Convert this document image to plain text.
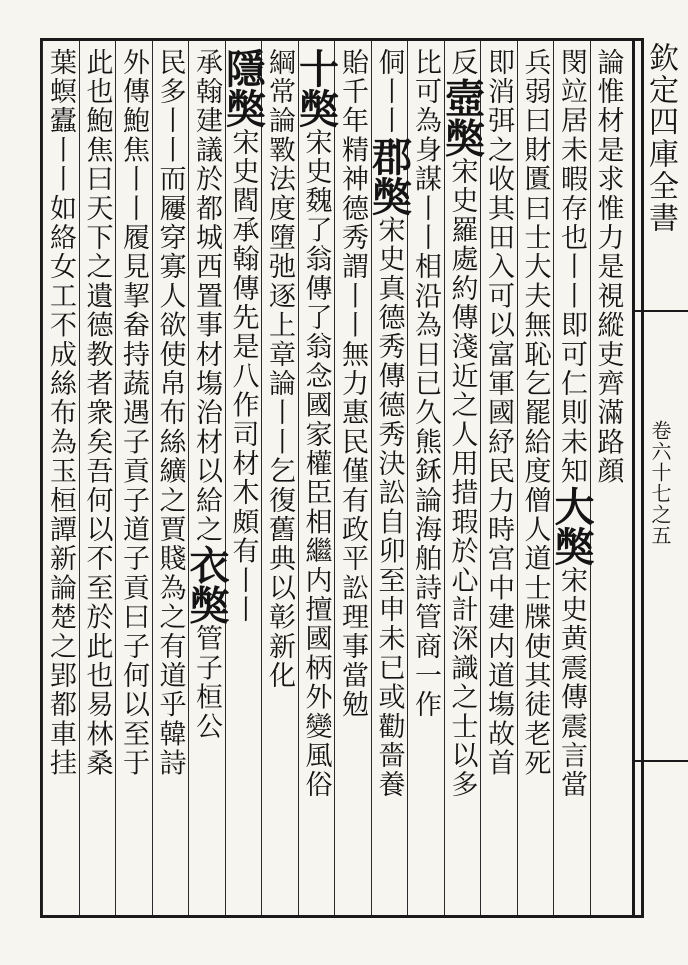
欽定四庫全書
卷六十七之五
論惟材是求惟力是視縱吏齊滿路顔
閔竝居未暇存也丨丨即可仁則未知大獘宋史黄震傳震言當
兵弱曰財匱曰士大夫無恥乞罷給度僧人道士牒使其徒老死
即消弭之收其田入可以富軍國紓民力時宫中建内道塲故首
反壼獘宋史羅處約傳淺近之人用措瑕於心計深識之士以多
比可為身謀丨丨相沿為日已久熊鉌論海舶詩管商一作
侗丨丨郡獘宋史真德秀傳德秀決訟自卯至申未已或勸嗇養
貽千年精神德秀謂丨丨無力惠民僅有政平訟理事當勉
十獘宋史魏了翁傳了翁念國家權臣相繼内擅國柄外變風俗
綱常論斁法度墮弛逐上章論丨丨乞復舊典以彰新化
隱獘宋史閻承翰傳先是八作司材木頗有丨丨
承翰建議於都城西置事材塲治材以給之衣獘管子桓公
民多丨丨而屨穿寡人欲使帛布絲纊之賈賤為之有道乎韓詩
外傳鮑焦丨丨履見挈畚持蔬遇子貢子道子貢曰子何以至于
此也鮑焦曰天下之遺德教者衆矣吾何以不至於此也易林桑
葉螟蠹丨丨如絡女工不成絲布為玉桓譚新論楚之郢都車挂
